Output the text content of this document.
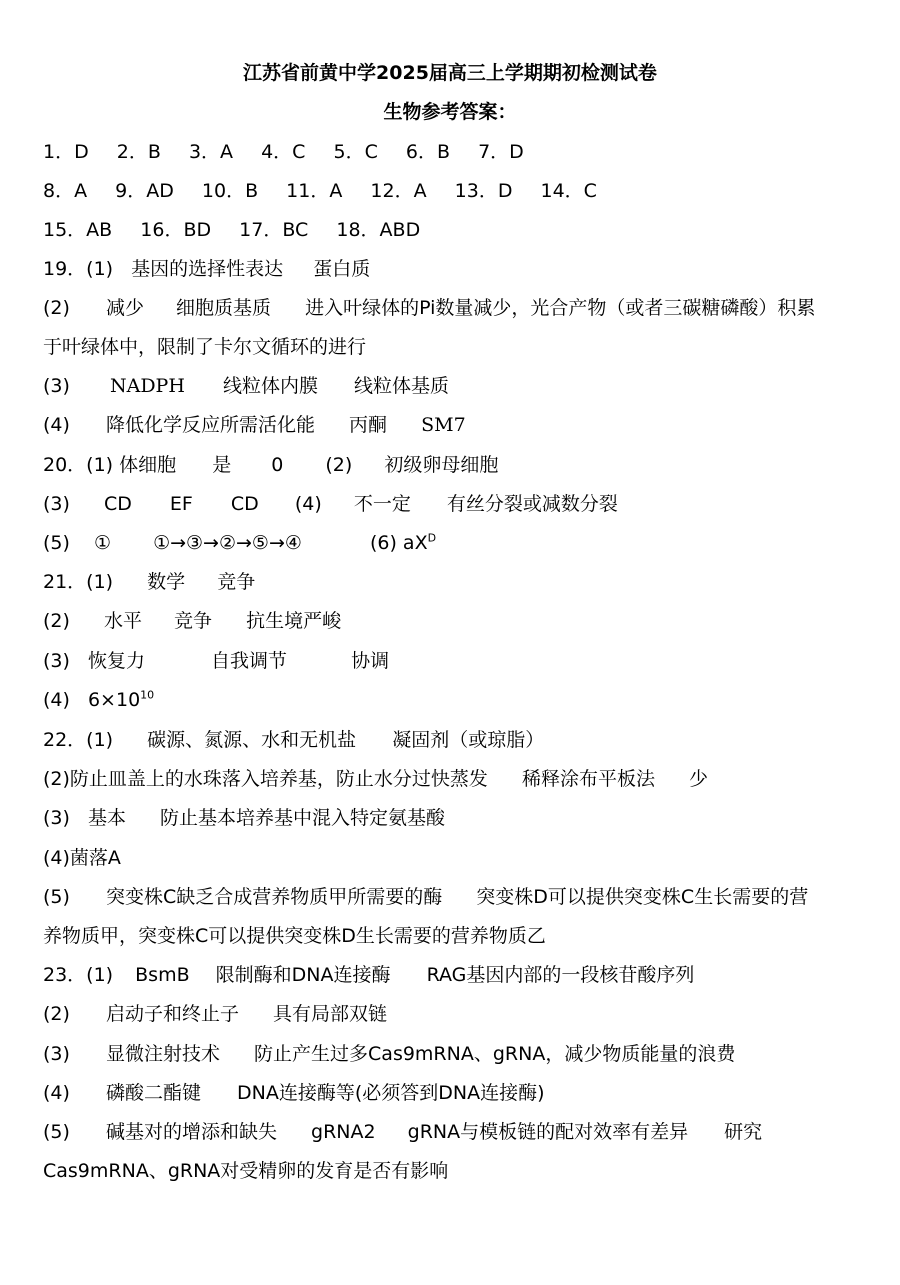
江苏省前黄中学2025届高三上学期期初检测试卷
生物参考答案：
1．D 2．B 3．A 4．C 5．C 6．B 7．D
8．A 9．AD 10．B 11．A 12．A 13．D 14．C
15．AB 16．BD 17．BC 18．ABD
19．(1) 基因的选择性表达 蛋白质
(2) 减少 细胞质基质 进入叶绿体的Pi数量减少，光合产物（或者三碳糖磷酸）积累
于叶绿体中，限制了卡尔文循环的进行
(3) NADPH 线粒体内膜 线粒体基质
(4) 降低化学反应所需活化能 丙酮 SM7
20．(1) 体细胞 是 0 (2) 初级卵母细胞
(3) CD EF CD (4) 不一定 有丝分裂或减数分裂
(5) ① ①→③→②→⑤→④	(6) $aX^D$
21．(1) 数学 竞争
(2) 水平 竞争 抗生境严峻
(3) 恢复力	自我调节	协调
(4) $6\times 10^{10}$
22．(1) 碳源、氮源、水和无机盐 凝固剂（或琼脂）
(2)防止皿盖上的水珠落入培养基，防止水分过快蒸发 稀释涂布平板法 少
(3) 基本 防止基本培养基中混入特定氨基酸
(4)菌落A
(5) 突变株C缺乏合成营养物质甲所需要的酶 突变株D可以提供突变株C生长需要的营
养物质甲，突变株C可以提供突变株D生长需要的营养物质乙
23．(1) BsmB 限制酶和DNA连接酶 RAG基因内部的一段核苷酸序列
(2) 启动子和终止子 具有局部双链
(3) 显微注射技术 防止产生过多Cas9mRNA、gRNA，减少物质能量的浪费
(4) 磷酸二酯键 DNA连接酶等(必须答到DNA连接酶)
(5) 碱基对的增添和缺失 gRNA2 gRNA与模板链的配对效率有差异 研究
Cas9mRNA、gRNA对受精卵的发育是否有影响
